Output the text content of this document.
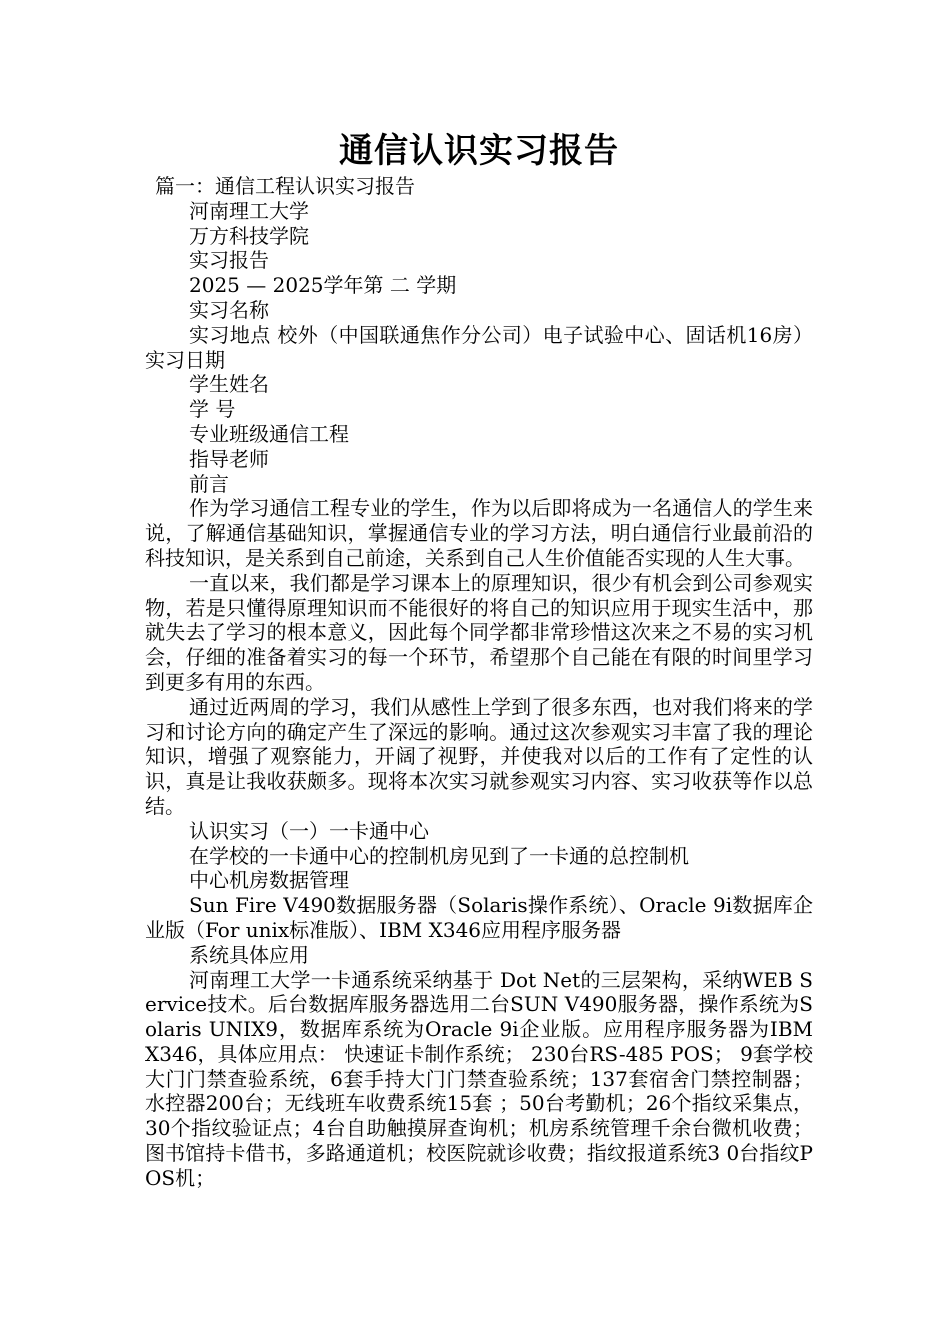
通信认识实习报告

篇一：通信工程认识实习报告

河南理工大学

万方科技学院

实习报告

2025 — 2025学年第 二 学期

实习名称

实习地点 校外（中国联通焦作分公司）电子试验中心、固话机16房） 实习日期

学生姓名

学 号

专业班级通信工程

指导老师

前言

作为学习通信工程专业的学生，作为以后即将成为一名通信人的学生来说，了解通信基础知识，掌握通信专业的学习方法，明白通信行业最前沿的科技知识，是关系到自己前途，关系到自己人生价值能否实现的人生大事。

一直以来，我们都是学习课本上的原理知识，很少有机会到公司参观实物，若是只懂得原理知识而不能很好的将自己的知识应用于现实生活中，那就失去了学习的根本意义，因此每个同学都非常珍惜这次来之不易的实习机会，仔细的准备着实习的每一个环节，希望那个自己能在有限的时间里学习到更多有用的东西。

通过近两周的学习，我们从感性上学到了很多东西，也对我们将来的学习和讨论方向的确定产生了深远的影响。通过这次参观实习丰富了我的理论知识，增强了观察能力，开阔了视野，并使我对以后的工作有了定性的认识，真是让我收获颇多。现将本次实习就参观实习内容、实习收获等作以总结。

认识实习（一）一卡通中心

在学校的一卡通中心的控制机房见到了一卡通的总控制机

中心机房数据管理

Sun Fire V490数据服务器（Solaris操作系统）、Oracle 9i数据库企业版（For unix标准版）、IBM X346应用程序服务器

系统具体应用

河南理工大学一卡通系统采纳基于 Dot Net的三层架构，采纳WEB Service技术。后台数据库服务器选用二台SUN V490服务器，操作系统为Solaris UNIX9，数据库系统为Oracle 9i企业版。应用程序服务器为IBM X346，具体应用点： 快速证卡制作系统； 230台RS-485 POS； 9套学校大门门禁查验系统，6套手持大门门禁查验系统；137套宿舍门禁控制器；水控器200台；无线班车收费系统15套 ；50台考勤机；26个指纹采集点，30个指纹验证点；4台自助触摸屏查询机；机房系统管理千余台微机收费；图书馆持卡借书，多路通道机；校医院就诊收费；指纹报道系统3 0台指纹POS机；
